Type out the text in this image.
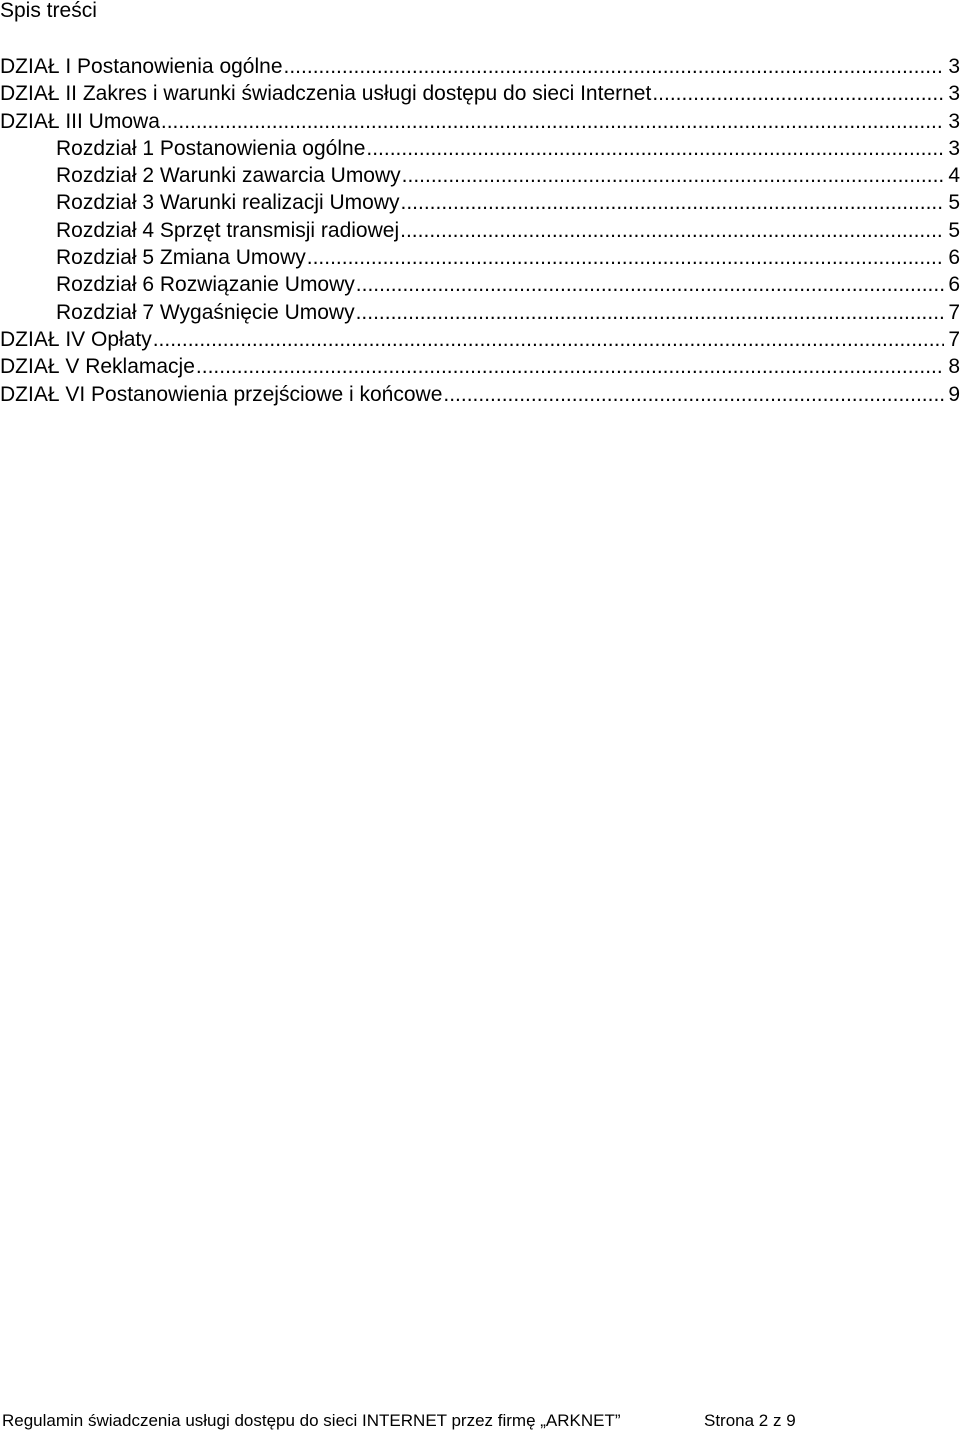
Spis treści
DZIAŁ I Postanowienia ogólne .....	3
DZIAŁ II Zakres i warunki świadczenia usługi dostępu do sieci Internet .....	3
DZIAŁ III Umowa .....	3
Rozdział 1 Postanowienia ogólne .....	3
Rozdział 2 Warunki zawarcia Umowy .....	4
Rozdział 3 Warunki realizacji Umowy .....	5
Rozdział 4 Sprzęt transmisji radiowej .....	5
Rozdział 5 Zmiana Umowy .....	6
Rozdział 6 Rozwiązanie Umowy .....	6
Rozdział 7 Wygaśnięcie Umowy .....	7
DZIAŁ IV Opłaty .....	7
DZIAŁ V Reklamacje .....	8
DZIAŁ VI Postanowienia przejściowe i końcowe .....	9
Regulamin świadczenia usługi dostępu do sieci INTERNET przez firmę „ARKNET”	Strona 2 z 9
